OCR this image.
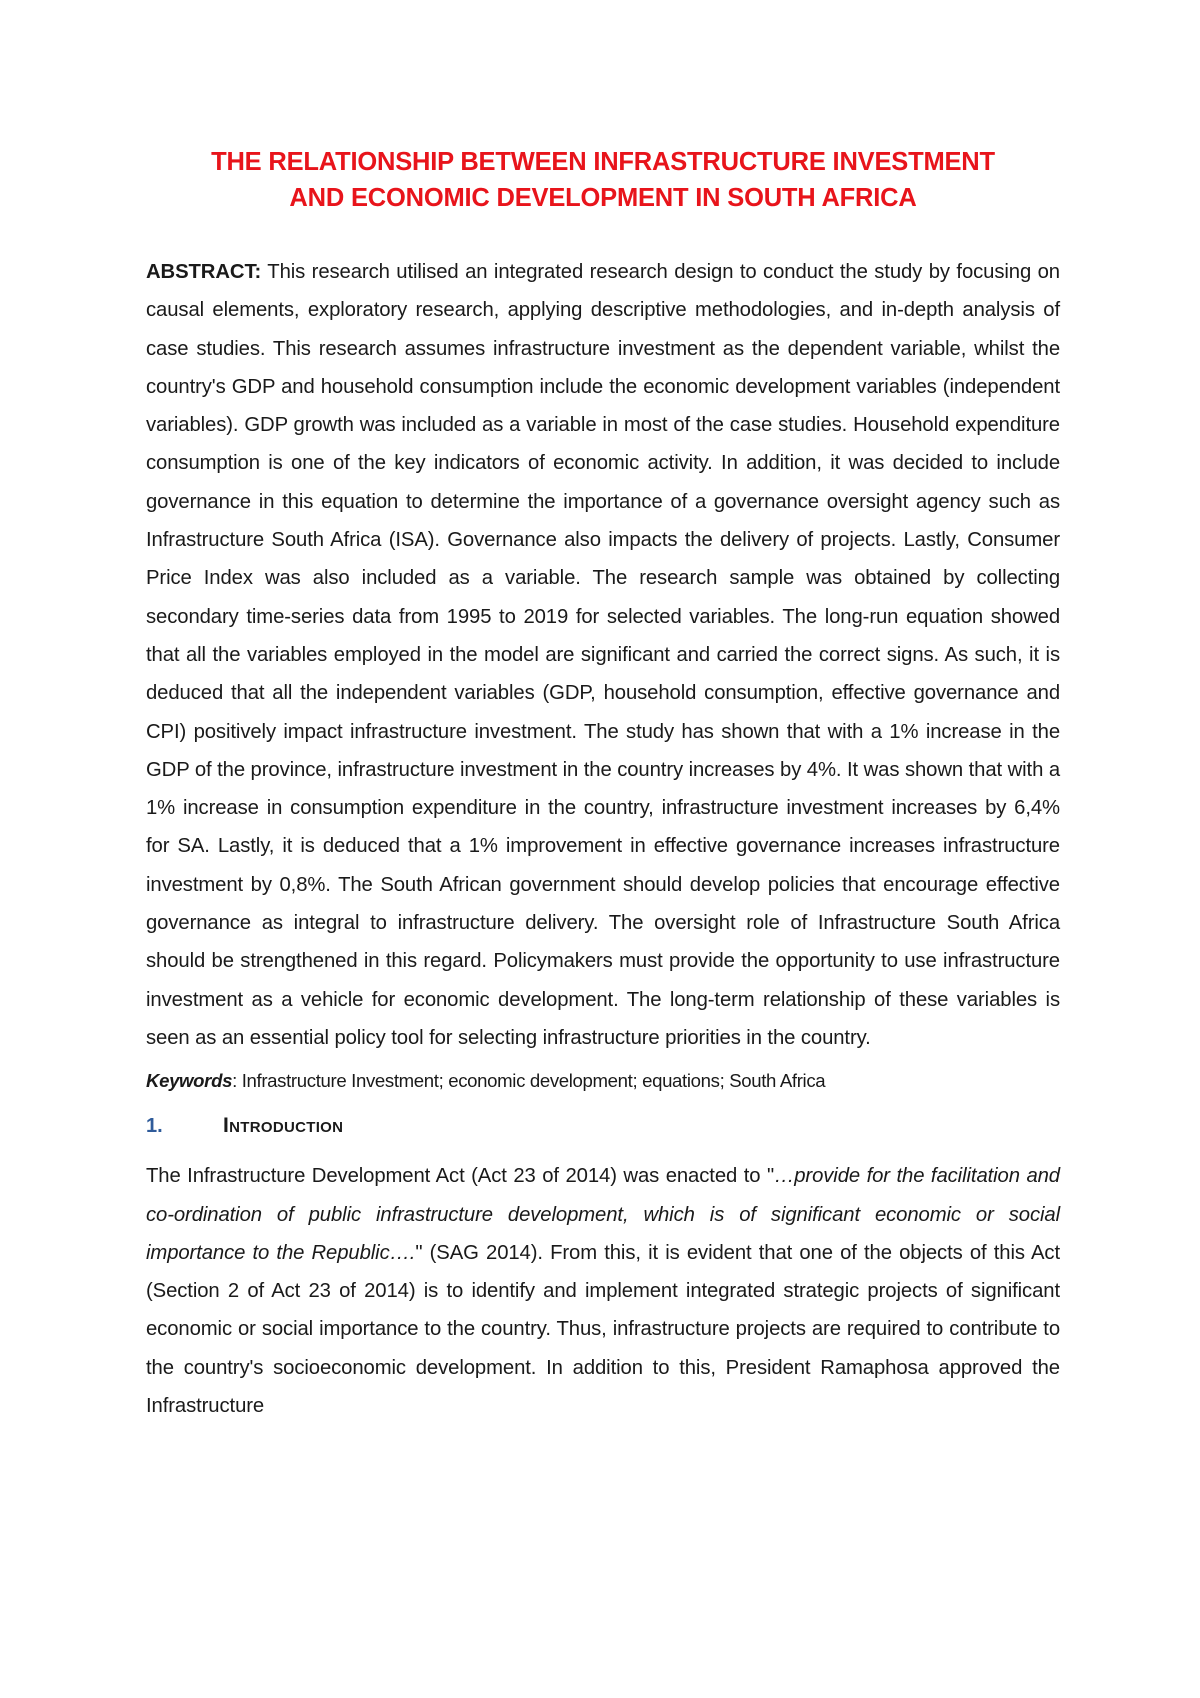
THE RELATIONSHIP BETWEEN INFRASTRUCTURE INVESTMENT
AND ECONOMIC DEVELOPMENT IN SOUTH AFRICA

ABSTRACT: This research utilised an integrated research design to conduct the study by focusing on causal elements, exploratory research, applying descriptive methodologies, and in-depth analysis of case studies. This research assumes infrastructure investment as the dependent variable, whilst the country's GDP and household consumption include the economic development variables (independent variables). GDP growth was included as a variable in most of the case studies. Household expenditure consumption is one of the key indicators of economic activity. In addition, it was decided to include governance in this equation to determine the importance of a governance oversight agency such as Infrastructure South Africa (ISA). Governance also impacts the delivery of projects. Lastly, Consumer Price Index was also included as a variable. The research sample was obtained by collecting secondary time-series data from 1995 to 2019 for selected variables. The long-run equation showed that all the variables employed in the model are significant and carried the correct signs. As such, it is deduced that all the independent variables (GDP, household consumption, effective governance and CPI) positively impact infrastructure investment. The study has shown that with a 1% increase in the GDP of the province, infrastructure investment in the country increases by 4%. It was shown that with a 1% increase in consumption expenditure in the country, infrastructure investment increases by 6,4% for SA. Lastly, it is deduced that a 1% improvement in effective governance increases infrastructure investment by 0,8%. The South African government should develop policies that encourage effective governance as integral to infrastructure delivery. The oversight role of Infrastructure South Africa should be strengthened in this regard. Policymakers must provide the opportunity to use infrastructure investment as a vehicle for economic development. The long-term relationship of these variables is seen as an essential policy tool for selecting infrastructure priorities in the country.

Keywords: Infrastructure Investment; economic development; equations; South Africa

1.	Introduction

The Infrastructure Development Act (Act 23 of 2014) was enacted to "…provide for the facilitation and co-ordination of public infrastructure development, which is of significant economic or social importance to the Republic…." (SAG 2014). From this, it is evident that one of the objects of this Act (Section 2 of Act 23 of 2014) is to identify and implement integrated strategic projects of significant economic or social importance to the country. Thus, infrastructure projects are required to contribute to the country's socioeconomic development. In addition to this, President Ramaphosa approved the Infrastructure
